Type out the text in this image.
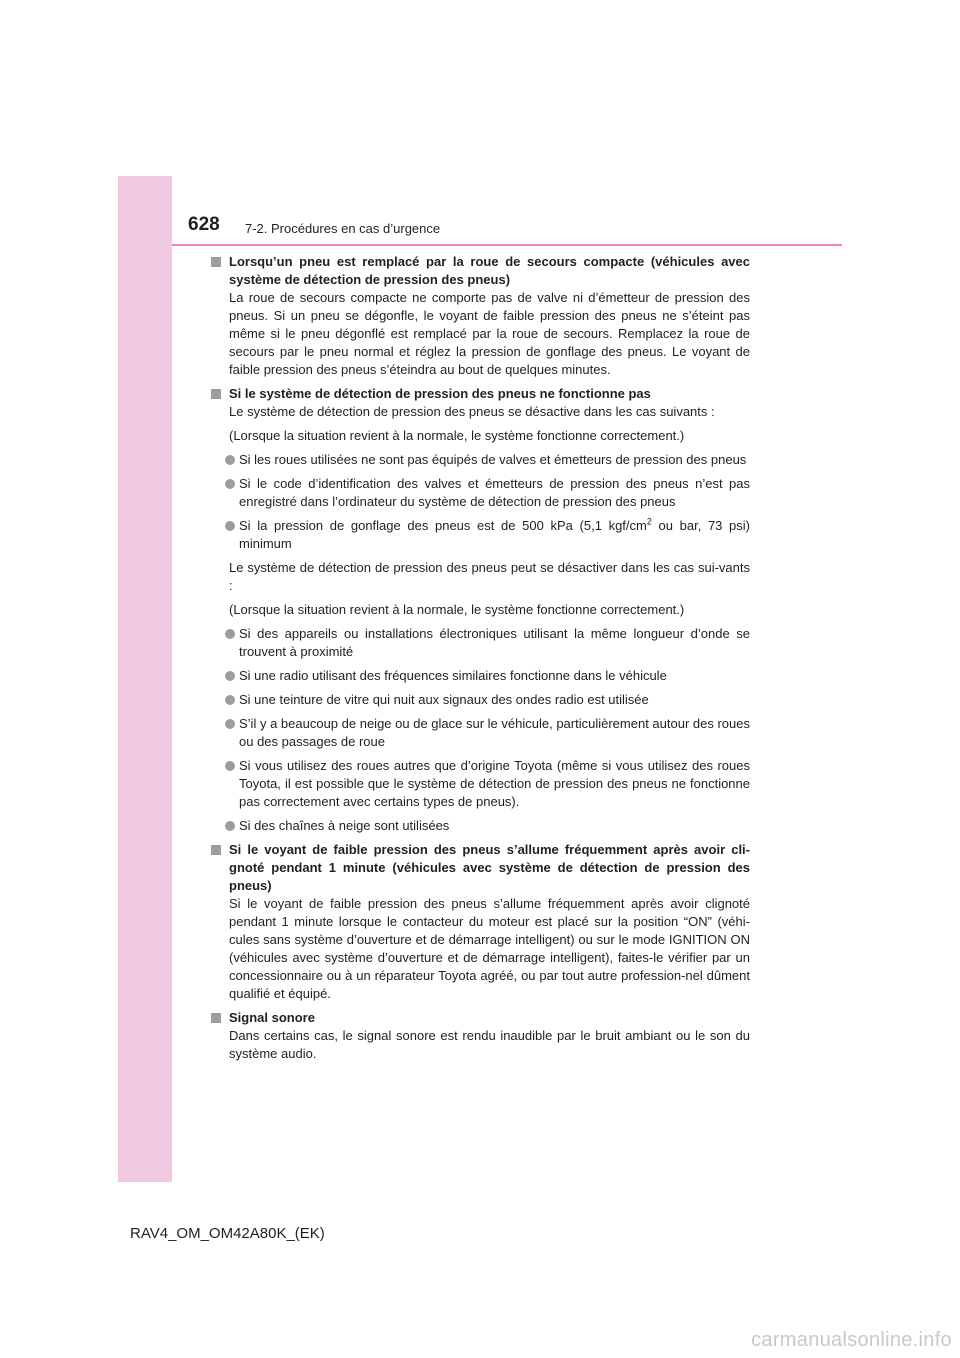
628 7-2. Procédures en cas d’urgence
Lorsqu’un pneu est remplacé par la roue de secours compacte (véhicules avec système de détection de pression des pneus)
La roue de secours compacte ne comporte pas de valve ni d’émetteur de pression des pneus. Si un pneu se dégonfle, le voyant de faible pression des pneus ne s’éteint pas même si le pneu dégonflé est remplacé par la roue de secours. Remplacez la roue de secours par le pneu normal et réglez la pression de gonflage des pneus. Le voyant de faible pression des pneus s’éteindra au bout de quelques minutes.
Si le système de détection de pression des pneus ne fonctionne pas
Le système de détection de pression des pneus se désactive dans les cas suivants :
(Lorsque la situation revient à la normale, le système fonctionne correctement.)
Si les roues utilisées ne sont pas équipés de valves et émetteurs de pression des pneus
Si le code d’identification des valves et émetteurs de pression des pneus n’est pas enregistré dans l’ordinateur du système de détection de pression des pneus
Si la pression de gonflage des pneus est de 500 kPa (5,1 kgf/$cm^2$ ou bar, 73 psi) minimum
Le système de détection de pression des pneus peut se désactiver dans les cas sui-vants :
(Lorsque la situation revient à la normale, le système fonctionne correctement.)
Si des appareils ou installations électroniques utilisant la même longueur d’onde se trouvent à proximité
Si une radio utilisant des fréquences similaires fonctionne dans le véhicule
Si une teinture de vitre qui nuit aux signaux des ondes radio est utilisée
S’il y a beaucoup de neige ou de glace sur le véhicule, particulièrement autour des roues ou des passages de roue
Si vous utilisez des roues autres que d’origine Toyota (même si vous utilisez des roues Toyota, il est possible que le système de détection de pression des pneus ne fonctionne pas correctement avec certains types de pneus).
Si des chaînes à neige sont utilisées
Si le voyant de faible pression des pneus s’allume fréquemment après avoir cli-gnoté pendant 1 minute (véhicules avec système de détection de pression des pneus)
Si le voyant de faible pression des pneus s’allume fréquemment après avoir clignoté pendant 1 minute lorsque le contacteur du moteur est placé sur la position “ON” (véhi-cules sans système d’ouverture et de démarrage intelligent) ou sur le mode IGNITION ON (véhicules avec système d’ouverture et de démarrage intelligent), faites-le vérifier par un concessionnaire ou à un réparateur Toyota agréé, ou par tout autre profession-nel dûment qualifié et équipé.
Signal sonore
Dans certains cas, le signal sonore est rendu inaudible par le bruit ambiant ou le son du système audio.
RAV4_OM_OM42A80K_(EK)
carmanualsonline.info
